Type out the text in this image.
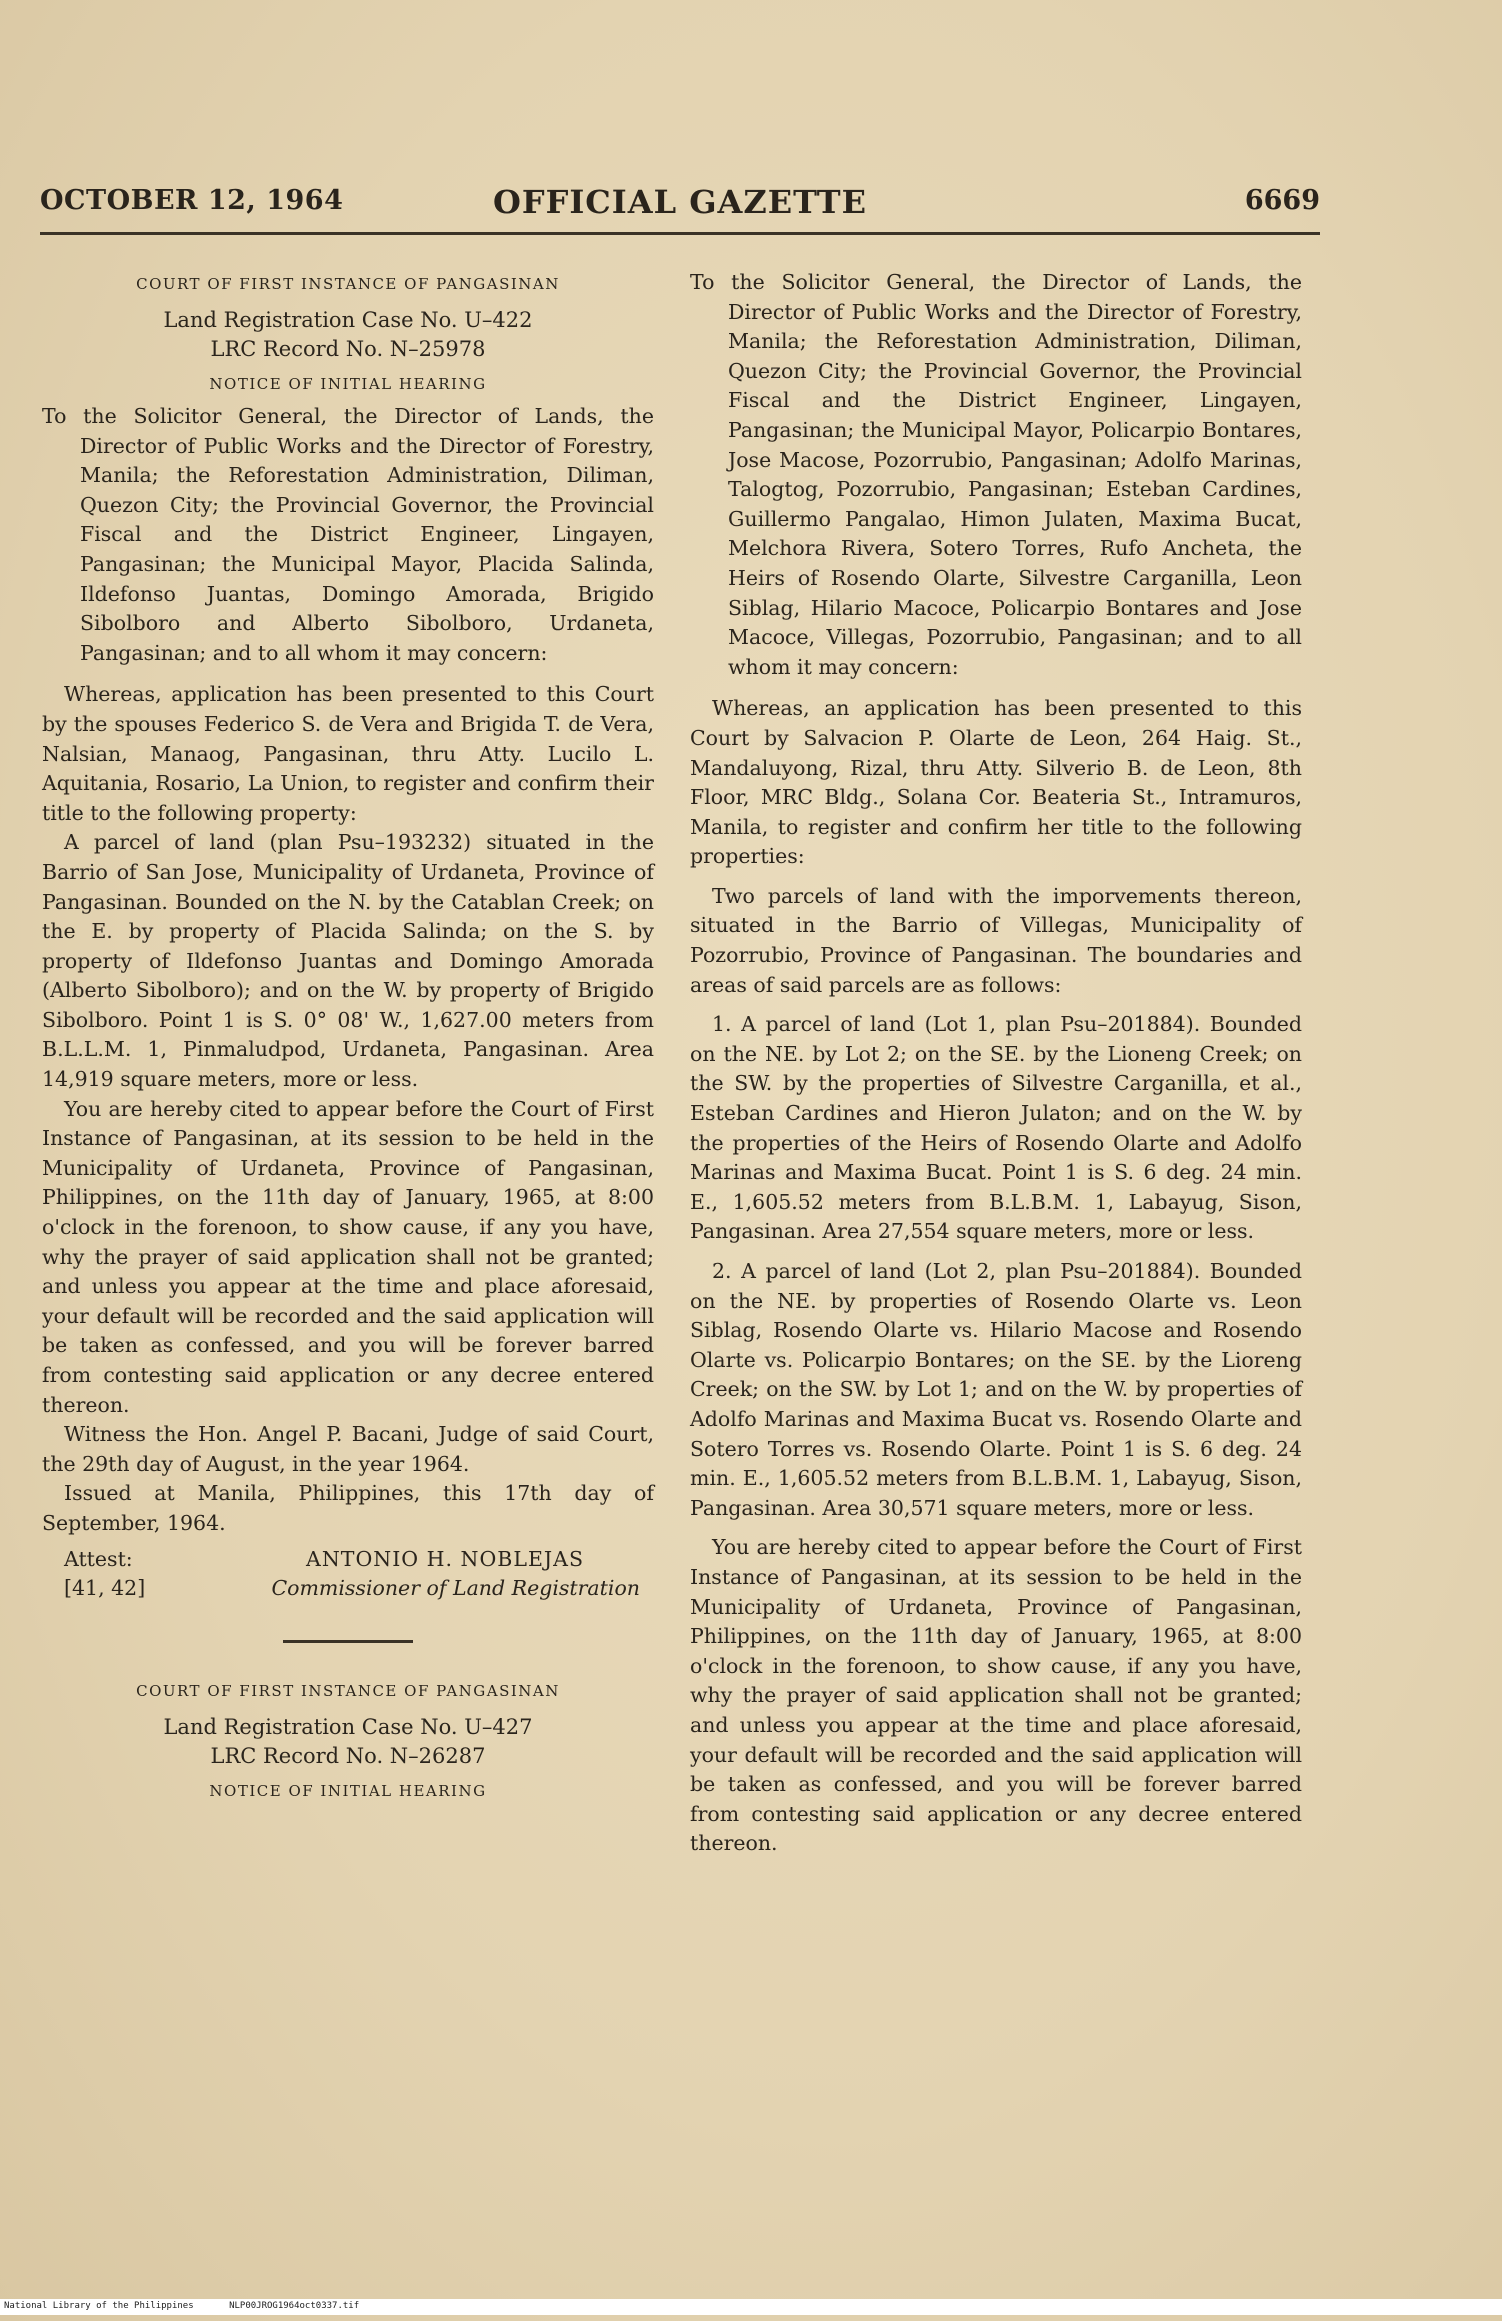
OCTOBER 12, 1964	OFFICIAL GAZETTE	6669
COURT OF FIRST INSTANCE OF PANGASINAN
Land Registration Case No. U–422
LRC Record No. N–25978
NOTICE OF INITIAL HEARING

To the Solicitor General, the Director of Lands, the Director of Public Works and the Director of Forestry, Manila; the Reforestation Administration, Diliman, Quezon City; the Provincial Governor, the Provincial Fiscal and the District Engineer, Lingayen, Pangasinan; the Municipal Mayor, Placida Salinda, Ildefonso Juantas, Domingo Amorada, Brigido Sibolboro and Alberto Sibolboro, Urdaneta, Pangasinan; and to all whom it may concern:

Whereas, application has been presented to this Court by the spouses Federico S. de Vera and Brigida T. de Vera, Nalsian, Manaog, Pangasinan, thru Atty. Lucilo L. Aquitania, Rosario, La Union, to register and confirm their title to the following property:

A parcel of land (plan Psu–193232) situated in the Barrio of San Jose, Municipality of Urdaneta, Province of Pangasinan. Bounded on the N. by the Catablan Creek; on the E. by property of Placida Salinda; on the S. by property of Ildefonso Juantas and Domingo Amorada (Alberto Sibolboro); and on the W. by property of Brigido Sibolboro. Point 1 is S. 0° 08' W., 1,627.00 meters from B.L.L.M. 1, Pinmaludpod, Urdaneta, Pangasinan. Area 14,919 square meters, more or less.

You are hereby cited to appear before the Court of First Instance of Pangasinan, at its session to be held in the Municipality of Urdaneta, Province of Pangasinan, Philippines, on the 11th day of January, 1965, at 8:00 o'clock in the forenoon, to show cause, if any you have, why the prayer of said application shall not be granted; and unless you appear at the time and place aforesaid, your default will be recorded and the said application will be taken as confessed, and you will be forever barred from contesting said application or any decree entered thereon.

Witness the Hon. Angel P. Bacani, Judge of said Court, the 29th day of August, in the year 1964.

Issued at Manila, Philippines, this 17th day of September, 1964.

Attest:	ANTONIO H. NOBLEJAS
[41, 42]	Commissioner of Land Registration
COURT OF FIRST INSTANCE OF PANGASINAN
Land Registration Case No. U–427
LRC Record No. N–26287
NOTICE OF INITIAL HEARING

To the Solicitor General, the Director of Lands, the Director of Public Works and the Director of Forestry, Manila; the Reforestation Administration, Diliman, Quezon City; the Provincial Governor, the Provincial Fiscal and the District Engineer, Lingayen, Pangasinan; the Municipal Mayor, Policarpio Bontares, Jose Macose, Pozorrubio, Pangasinan; Adolfo Marinas, Talogtog, Pozorrubio, Pangasinan; Esteban Cardines, Guillermo Pangalao, Himon Julaten, Maxima Bucat, Melchora Rivera, Sotero Torres, Rufo Ancheta, the Heirs of Rosendo Olarte, Silvestre Carganilla, Leon Siblag, Hilario Macoce, Policarpio Bontares and Jose Macoce, Villegas, Pozorrubio, Pangasinan; and to all whom it may concern:

Whereas, an application has been presented to this Court by Salvacion P. Olarte de Leon, 264 Haig. St., Mandaluyong, Rizal, thru Atty. Silverio B. de Leon, 8th Floor, MRC Bldg., Solana Cor. Beateria St., Intramuros, Manila, to register and confirm her title to the following properties:

Two parcels of land with the imporvements thereon, situated in the Barrio of Villegas, Municipality of Pozorrubio, Province of Pangasinan. The boundaries and areas of said parcels are as follows:

1. A parcel of land (Lot 1, plan Psu–201884). Bounded on the NE. by Lot 2; on the SE. by the Lioneng Creek; on the SW. by the properties of Silvestre Carganilla, et al., Esteban Cardines and Hieron Julaton; and on the W. by the properties of the Heirs of Rosendo Olarte and Adolfo Marinas and Maxima Bucat. Point 1 is S. 6 deg. 24 min. E., 1,605.52 meters from B.L.B.M. 1, Labayug, Sison, Pangasinan. Area 27,554 square meters, more or less.

2. A parcel of land (Lot 2, plan Psu–201884). Bounded on the NE. by properties of Rosendo Olarte vs. Leon Siblag, Rosendo Olarte vs. Hilario Macose and Rosendo Olarte vs. Policarpio Bontares; on the SE. by the Lioreng Creek; on the SW. by Lot 1; and on the W. by properties of Adolfo Marinas and Maxima Bucat vs. Rosendo Olarte and Sotero Torres vs. Rosendo Olarte. Point 1 is S. 6 deg. 24 min. E., 1,605.52 meters from B.L.B.M. 1, Labayug, Sison, Pangasinan. Area 30,571 square meters, more or less.

You are hereby cited to appear before the Court of First Instance of Pangasinan, at its session to be held in the Municipality of Urdaneta, Province of Pangasinan, Philippines, on the 11th day of January, 1965, at 8:00 o'clock in the forenoon, to show cause, if any you have, why the prayer of said application shall not be granted; and unless you appear at the time and place aforesaid, your default will be recorded and the said application will be taken as confessed, and you will be forever barred from contesting said application or any decree entered thereon.

National Library of the Philippines	NLP00JROG1964oct0337.tif
